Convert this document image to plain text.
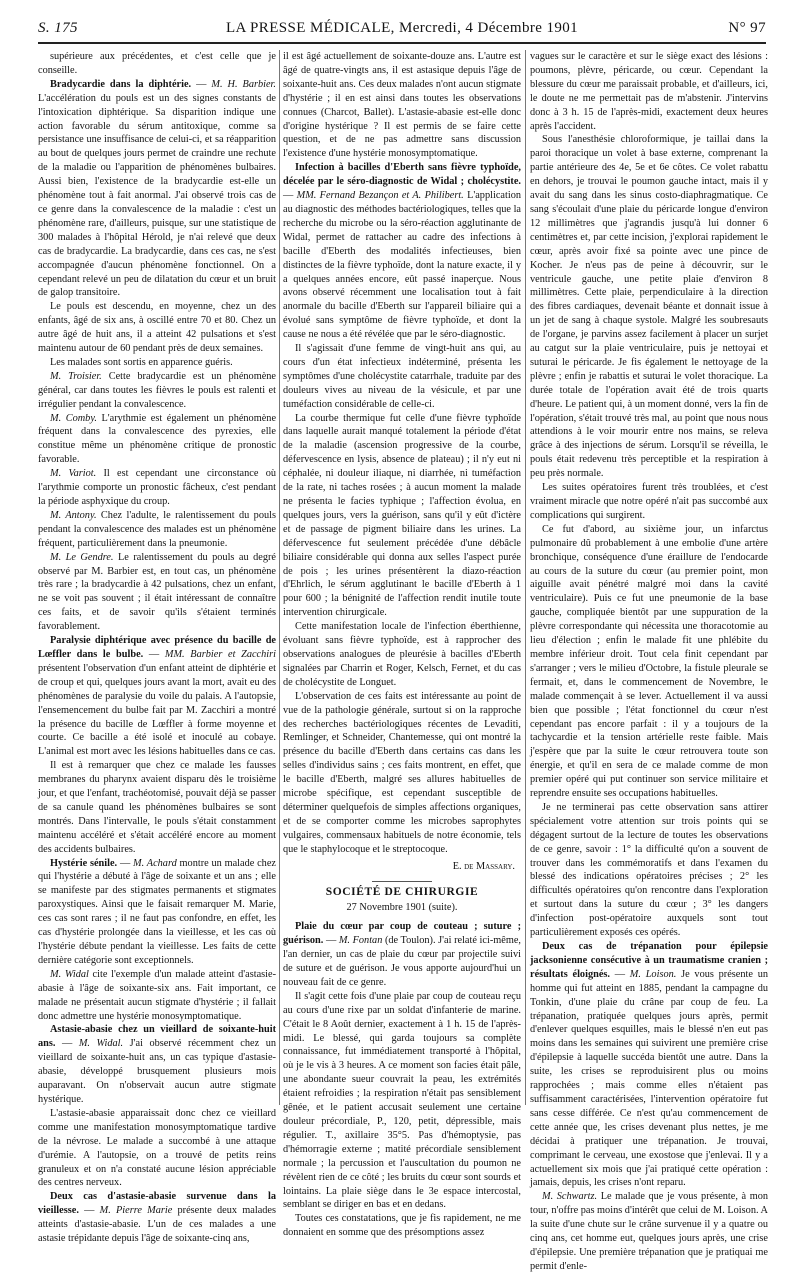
S. 175	LA PRESSE MÉDICALE, Mercredi, 4 Décembre 1901	N° 97

supérieure aux précédentes, et c'est celle que je conseille.

Bradycardie dans la diphtérie. — M. H. Barbier. L'accélération du pouls est un des signes constants de l'intoxication diphtérique. Sa disparition indique une action favorable du sérum antitoxique, comme sa persistance une insuffisance de celui-ci, et sa réapparition au bout de quelques jours permet de craindre une rechute de la maladie ou l'apparition de phénomènes bulbaires. Aussi bien, l'existence de la bradycardie est-elle un phénomène tout à fait anormal. J'ai observé trois cas de ce genre dans la convalescence de la maladie : c'est un phénomène rare, d'ailleurs, puisque, sur une statistique de 300 malades à l'hôpital Hérold, je n'ai relevé que deux cas de bradycardie. La bradycardie, dans ces cas, ne s'est accompagnée d'aucun phénomène fonctionnel. On a cependant relevé un peu de dilatation du cœur et un bruit de galop transitoire.

Le pouls est descendu, en moyenne, chez un des enfants, âgé de six ans, à oscillé entre 70 et 80. Chez un autre âgé de huit ans, il a atteint 42 pulsations et s'est maintenu autour de 60 pendant près de deux semaines.

Les malades sont sortis en apparence guéris.

M. Troisier. Cette bradycardie est un phénomène général, car dans toutes les fièvres le pouls est ralenti et irrégulier pendant la convalescence.

M. Comby. L'arythmie est également un phénomène fréquent dans la convalescence des pyrexies, elle constitue même un phénomène critique de pronostic favorable.

M. Variot. Il est cependant une circonstance où l'arythmie comporte un pronostic fâcheux, c'est pendant la période asphyxique du croup.

M. Antony. Chez l'adulte, le ralentissement du pouls pendant la convalescence des malades est un phénomène fréquent, particulièrement dans la pneumonie.

M. Le Gendre. Le ralentissement du pouls au degré observé par M. Barbier est, en tout cas, un phénomène très rare ; la bradycardie à 42 pulsations, chez un enfant, ne se voit pas souvent ; il était intéressant de connaître ces faits, et de savoir qu'ils s'étaient terminés favorablement.

Paralysie diphtérique avec présence du bacille de Lœffler dans le bulbe. — MM. Barbier et Zacchiri présentent l'observation d'un enfant atteint de diphtérie et de croup et qui, quelques jours avant la mort, avait eu des phénomènes de paralysie du voile du palais. A l'autopsie, l'ensemencement du bulbe fait par M. Zacchiri a montré la présence du bacille de Lœffler à forme moyenne et courte. Ce bacille a été isolé et inoculé au cobaye. L'animal est mort avec les lésions habituelles dans ce cas.

Il est à remarquer que chez ce malade les fausses membranes du pharynx avaient disparu dès le troisième jour, et que l'enfant, trachéotomisé, pouvait déjà se passer de sa canule quand les phénomènes bulbaires se sont montrés. Dans l'intervalle, le pouls s'était constamment maintenu accéléré et s'était accéléré encore au moment des accidents bulbaires.

Hystérie sénile. — M. Achard montre un malade chez qui l'hystérie a débuté à l'âge de soixante et un ans ; elle se manifeste par des stigmates permanents et stigmates paroxystiques. Ainsi que le faisait remarquer M. Marie, ces cas sont rares ; il ne faut pas confondre, en effet, les cas d'hystérie prolongée dans la vieillesse, et les cas où l'hystérie débute pendant la vieillesse. Les faits de cette dernière catégorie sont exceptionnels.

M. Widal cite l'exemple d'un malade atteint d'astasie-abasie à l'âge de soixante-six ans. Fait important, ce malade ne présentait aucun stigmate d'hystérie ; il fallait donc admettre une hystérie monosymptomatique.

Astasie-abasie chez un vieillard de soixante-huit ans. — M. Widal. J'ai observé récemment chez un vieillard de soixante-huit ans, un cas typique d'astasie-abasie, développé brusquement plusieurs mois auparavant. On n'observait aucun autre stigmate hystérique.

L'astasie-abasie apparaissait donc chez ce vieillard comme une manifestation monosymptomatique tardive de la névrose. Le malade a succombé à une attaque d'urémie. A l'autopsie, on a trouvé de petits reins granuleux et on n'a constaté aucune lésion appréciable des centres nerveux.

Deux cas d'astasie-abasie survenue dans la vieillesse. — M. Pierre Marie présente deux malades atteints d'astasie-abasie. L'un de ces malades a une astasie trépidante depuis l'âge de soixante-cinq ans,

il est âgé actuellement de soixante-douze ans. L'autre est âgé de quatre-vingts ans, il est astasique depuis l'âge de soixante-huit ans. Ces deux malades n'ont aucun stigmate d'hystérie ; il en est ainsi dans toutes les observations connues (Charcot, Ballet). L'astasie-abasie est-elle donc d'origine hystérique ? Il est permis de se faire cette question, et de ne pas admettre sans discussion l'existence d'une hystérie monosymptomatique.

Infection à bacilles d'Eberth sans fièvre typhoïde, décelée par le séro-diagnostic de Widal ; cholécystite. — MM. Fernand Bezançon et A. Philibert. L'application au diagnostic des méthodes bactériologiques, telles que la recherche du microbe ou la séro-réaction agglutinante de Widal, permet de rattacher au cadre des infections à bacille d'Eberth des modalités infectieuses, bien distinctes de la fièvre typhoïde, dont la nature exacte, il y a quelques années encore, eût passé inaperçue. Nous avons observé récemment une localisation tout à fait anormale du bacille d'Eberth sur l'appareil biliaire qui a évolué sans symptôme de fièvre typhoïde, et dont la cause ne nous a été révélée que par le séro-diagnostic.

Il s'agissait d'une femme de vingt-huit ans qui, au cours d'un état infectieux indéterminé, présenta les symptômes d'une cholécystite catarrhale, traduite par des douleurs vives au niveau de la vésicule, et par une tuméfaction considérable de celle-ci.

La courbe thermique fut celle d'une fièvre typhoïde dans laquelle aurait manqué totalement la période d'état de la maladie (ascension progressive de la courbe, défervescence en lysis, absence de plateau) ; il n'y eut ni céphalée, ni douleur iliaque, ni diarrhée, ni tuméfaction de la rate, ni taches rosées ; à aucun moment la malade ne présenta le facies typhique ; l'affection évolua, en quelques jours, vers la guérison, sans qu'il y eût d'ictère et de passage de pigment biliaire dans les urines. La défervescence fut seulement précédée d'une débâcle biliaire considérable qui donna aux selles l'aspect purée de pois ; les urines présentèrent la diazo-réaction d'Ehrlich, le sérum agglutinant le bacille d'Eberth à 1 pour 600 ; la bénignité de l'affection rendit inutile toute intervention chirurgicale.

Cette manifestation locale de l'infection éberthienne, évoluant sans fièvre typhoïde, est à rapprocher des observations analogues de pleurésie à bacilles d'Eberth signalées par Charrin et Roger, Kelsch, Fernet, et du cas de cholécystite de Longuet.

L'observation de ces faits est intéressante au point de vue de la pathologie générale, surtout si on la rapproche des recherches bactériologiques récentes de Levaditi, Remlinger, et Schneider, Chantemesse, qui ont montré la présence du bacille d'Eberth dans certains cas dans les selles d'individus sains ; ces faits montrent, en effet, que le bacille d'Eberth, malgré ses allures habituelles de microbe spécifique, est cependant susceptible de déterminer quelquefois de simples affections organiques, et de se comporter comme les microbes saprophytes vulgaires, commensaux habituels de notre économie, tels que le staphylocoque et le streptocoque.

E. de Massary.

SOCIÉTÉ DE CHIRURGIE

27 Novembre 1901 (suite).

Plaie du cœur par coup de couteau ; suture ; guérison. — M. Fontan (de Toulon). J'ai relaté ici-même, l'an dernier, un cas de plaie du cœur par projectile suivi de suture et de guérison. Je vous apporte aujourd'hui un nouveau fait de ce genre.

Il s'agit cette fois d'une plaie par coup de couteau reçu au cours d'une rixe par un soldat d'infanterie de marine. C'était le 8 Août dernier, exactement à 1 h. 15 de l'après-midi. Le blessé, qui garda toujours sa complète connaissance, fut immédiatement transporté à l'hôpital, où je le vis à 3 heures. A ce moment son facies était pâle, une abondante sueur couvrait la peau, les extrémités étaient refroidies ; la respiration n'était pas sensiblement gênée, et le patient accusait seulement une certaine douleur précordiale, P., 120, petit, dépressible, mais régulier. T., axillaire 35°5. Pas d'hémoptysie, pas d'hémorragie externe ; matité précordiale sensiblement normale ; la percussion et l'auscultation du poumon ne révèlent rien de ce côté ; les bruits du cœur sont sourds et lointains. La plaie siège dans le 3e espace intercostal, semblant se diriger en bas et en dedans.

Toutes ces constatations, que je fis rapidement, ne me donnaient en somme que des présomptions assez

vagues sur le caractère et sur le siège exact des lésions : poumons, plèvre, péricarde, ou cœur. Cependant la blessure du cœur me paraissait probable, et d'ailleurs, ici, le doute ne me permettait pas de m'abstenir. J'intervins donc à 3 h. 15 de l'après-midi, exactement deux heures après l'accident.

Sous l'anesthésie chloroformique, je taillai dans la paroi thoracique un volet à base externe, comprenant la partie antérieure des 4e, 5e et 6e côtes. Ce volet rabattu en dehors, je trouvai le poumon gauche intact, mais il y avait du sang dans les sinus costo-diaphragmatique. Ce sang s'écoulait d'une plaie du péricarde longue d'environ 12 millimètres que j'agrandis jusqu'à lui donner 6 centimètres et, par cette incision, j'explorai rapidement le cœur, après avoir fixé sa pointe avec une pince de Kocher. Je n'eus pas de peine à découvrir, sur le ventricule gauche, une petite plaie d'environ 8 millimètres. Cette plaie, perpendiculaire à la direction des fibres cardiaques, devenait béante et donnait issue à un jet de sang à chaque systole. Malgré les soubresauts de l'organe, je parvins assez facilement à placer un surjet au catgut sur la plaie ventriculaire, puis je nettoyai et suturai le péricarde. Je fis également le nettoyage de la plèvre ; enfin je rabattis et suturai le volet thoracique. La durée totale de l'opération avait été de trois quarts d'heure. Le patient qui, à un moment donné, vers la fin de l'opération, s'était trouvé très mal, au point que nous nous attendions à le voir mourir entre nos mains, se releva grâce à des injections de sérum. Lorsqu'il se réveilla, le pouls était redevenu très perceptible et la respiration à peu près normale.

Les suites opératoires furent très troublées, et c'est vraiment miracle que notre opéré n'ait pas succombé aux complications qui surgirent.

Ce fut d'abord, au sixième jour, un infarctus pulmonaire dû probablement à une embolie d'une artère bronchique, conséquence d'une éraillure de l'endocarde au cours de la suture du cœur (au premier point, mon aiguille avait pénétré malgré moi dans la cavité ventriculaire). Puis ce fut une pneumonie de la base gauche, compliquée bientôt par une suppuration de la plèvre correspondante qui nécessita une thoracotomie au lieu d'élection ; enfin le malade fit une phlébite du membre inférieur droit. Tout cela finit cependant par s'arranger ; vers le milieu d'Octobre, la fistule pleurale se fermait, et, dans le commencement de Novembre, le malade commençait à se lever. Actuellement il va aussi bien que possible ; l'état fonctionnel du cœur n'est cependant pas encore parfait : il y a toujours de la tachycardie et la tension artérielle reste faible. Mais j'espère que par la suite le cœur retrouvera toute son énergie, et qu'il en sera de ce malade comme de mon premier opéré qui put continuer son service militaire et reprendre ensuite ses occupations habituelles.

Je ne terminerai pas cette observation sans attirer spécialement votre attention sur trois points qui se dégagent surtout de la lecture de toutes les observations de ce genre, savoir : 1° la difficulté qu'on a souvent de trouver dans les commémoratifs et dans l'examen du blessé des indications opératoires précises ; 2° les difficultés opératoires qu'on rencontre dans l'exploration et surtout dans la suture du cœur ; 3° les dangers d'infection post-opératoire auxquels sont tout particulièrement exposés ces opérés.

Deux cas de trépanation pour épilepsie jacksonienne consécutive à un traumatisme cranien ; résultats éloignés. — M. Loison. Je vous présente un homme qui fut atteint en 1885, pendant la campagne du Tonkin, d'une plaie du crâne par coup de feu. La trépanation, pratiquée quelques jours après, permit d'enlever quelques esquilles, mais le blessé n'en eut pas moins dans les semaines qui suivirent une première crise d'épilepsie à laquelle succéda bientôt une autre. Dans la suite, les crises se reproduisirent plus ou moins rapprochées ; mais comme elles n'étaient pas suffisamment caractérisées, l'intervention opératoire fut sans cesse différée. Ce n'est qu'au commencement de cette année que, les crises devenant plus nettes, je me décidai à pratiquer une trépanation. Je trouvai, comprimant le cerveau, une exostose que j'enlevai. Il y a actuellement six mois que j'ai pratiqué cette opération : jamais, depuis, les crises n'ont reparu.

M. Schwartz. Le malade que je vous présente, à mon tour, n'offre pas moins d'intérêt que celui de M. Loison. A la suite d'une chute sur le crâne survenue il y a quatre ou cinq ans, cet homme eut, quelques jours après, une crise d'épilepsie. Une première trépanation que je pratiquai me permit d'enle-
